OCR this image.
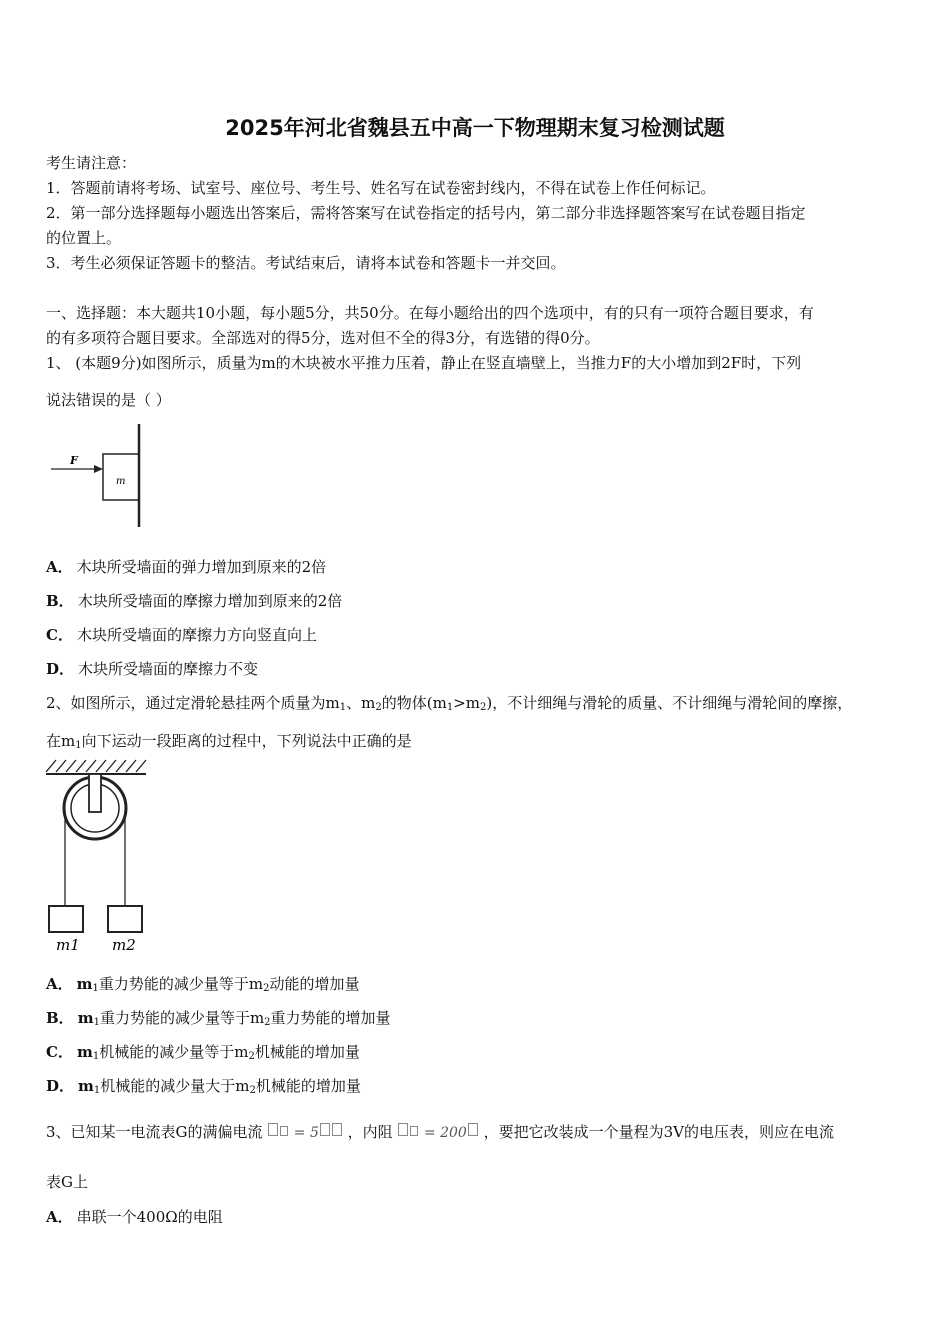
2025年河北省魏县五中高一下物理期末复习检测试题
考生请注意：
1．答题前请将考场、试室号、座位号、考生号、姓名写在试卷密封线内，不得在试卷上作任何标记。
2．第一部分选择题每小题选出答案后，需将答案写在试卷指定的括号内，第二部分非选择题答案写在试卷题目指定
的位置上。
3．考生必须保证答题卡的整洁。考试结束后，请将本试卷和答题卡一并交回。
一、选择题：本大题共10小题，每小题5分，共50分。在每小题给出的四个选项中，有的只有一项符合题目要求，有
的有多项符合题目要求。全部选对的得5分，选对但不全的得3分，有选错的得0分。
1、 (本题9分)如图所示，质量为m的木块被水平推力压着，静止在竖直墙壁上，当推力F的大小增加到2F时，下列
说法错误的是（ ）
F
m
A． 木块所受墙面的弹力增加到原来的2倍
B． 木块所受墙面的摩擦力增加到原来的2倍
C． 木块所受墙面的摩擦力方向竖直向上
D． 木块所受墙面的摩擦力不变
2、如图所示，通过定滑轮悬挂两个质量为$m_1$、$m_2$的物体$(m_1>m_2)$，不计细绳与滑轮的质量、不计细绳与滑轮间的摩擦，
在$m_1$向下运动一段距离的过程中，下列说法中正确的是
m1 m2
A． $m_1$重力势能的减少量等于$m_2$动能的增加量
B． $m_1$重力势能的减少量等于$m_2$重力势能的增加量
C． $m_1$机械能的减少量等于$m_2$机械能的增加量
D． $m_1$机械能的减少量大于$m_2$机械能的增加量
3、已知某一电流表G的满偏电流 = 5 ，内阻 = 200 ，要把它改装成一个量程为3V的电压表，则应在电流
表G上
A． 串联一个400Ω的电阻
